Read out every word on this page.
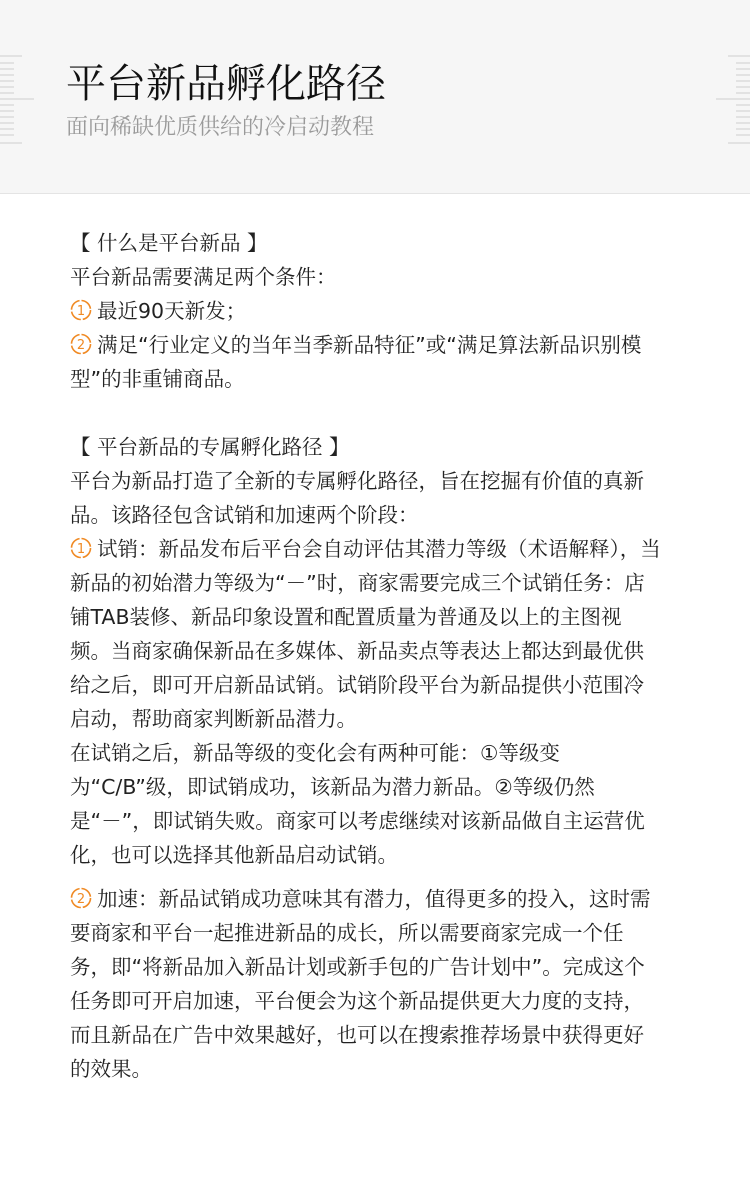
平台新品孵化路径
面向稀缺优质供给的冷启动教程

【 什么是平台新品 】

平台新品需要满足两个条件：

1 最近90天新发；

2 满足“行业定义的当年当季新品特征”或“满足算法新品识别模型”的非重铺商品。

【 平台新品的专属孵化路径 】

平台为新品打造了全新的专属孵化路径，旨在挖掘有价值的真新品。该路径包含试销和加速两个阶段：

1 试销：新品发布后平台会自动评估其潜力等级（术语解释），当新品的初始潜力等级为“－”时，商家需要完成三个试销任务：店铺TAB装修、新品印象设置和配置质量为普通及以上的主图视频。当商家确保新品在多媒体、新品卖点等表达上都达到最优供给之后，即可开启新品试销。试销阶段平台为新品提供小范围冷启动，帮助商家判断新品潜力。

在试销之后，新品等级的变化会有两种可能：①等级变为“C/B”级，即试销成功，该新品为潜力新品。②等级仍然是“－”，即试销失败。商家可以考虑继续对该新品做自主运营优化，也可以选择其他新品启动试销。

2 加速：新品试销成功意味其有潜力，值得更多的投入，这时需要商家和平台一起推进新品的成长，所以需要商家完成一个任务，即“将新品加入新品计划或新手包的广告计划中”。完成这个任务即可开启加速，平台便会为这个新品提供更大力度的支持，而且新品在广告中效果越好，也可以在搜索推荐场景中获得更好的效果。
